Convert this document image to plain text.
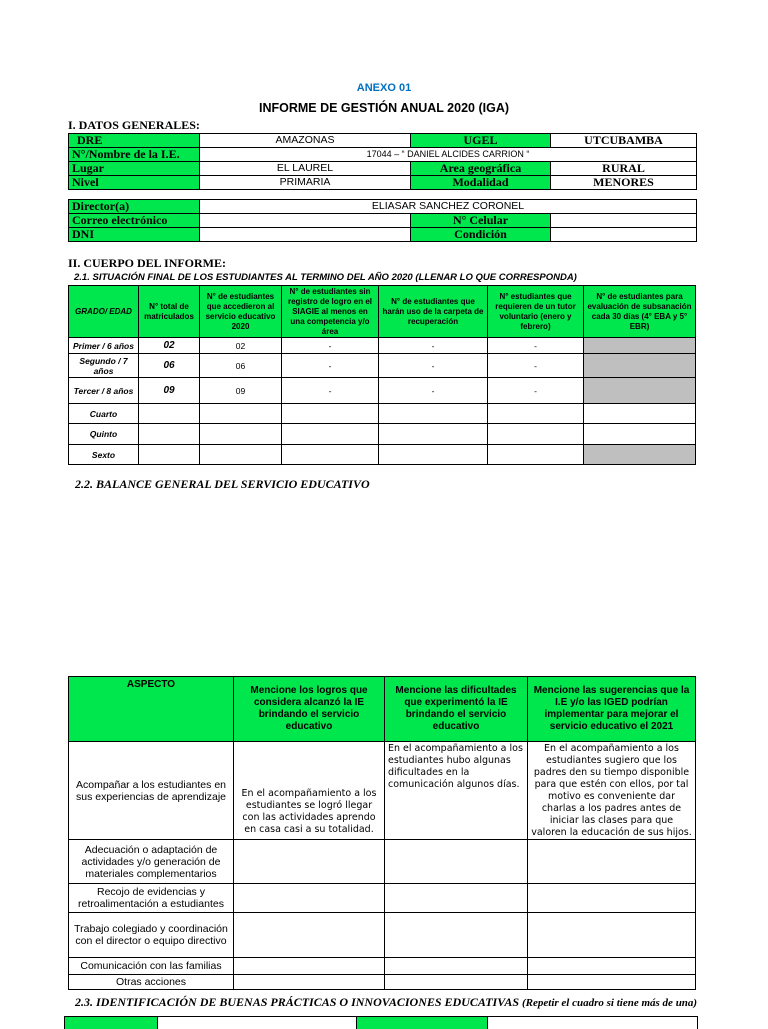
ANEXO 01
INFORME DE GESTIÓN ANUAL 2020 (IGA)
I. DATOS GENERALES:
DRE	AMAZONAS	UGEL	UTCUBAMBA
N°/Nombre de la I.E.	17044 – “ DANIEL ALCIDES CARRION “		
Lugar	EL LAUREL	Area geográfica	RURAL
Nivel	PRIMARIA	Modalidad	MENORES
Director(a)	ELIASAR SANCHEZ CORONEL		
Correo electrónico		N° Celular	
DNI		Condición	
II. CUERPO DEL INFORME:
2.1. SITUACIÓN FINAL DE LOS ESTUDIANTES AL TERMINO DEL AÑO 2020 (LLENAR LO QUE CORRESPONDA)
GRADO/ EDAD	N° total de matriculados	N° de estudiantes que accedieron al servicio educativo 2020	N° de estudiantes sin registro de logro en el SIAGIE al menos en una competencia y/o área	N° de estudiantes que harán uso de la carpeta de recuperación	N° estudiantes que requieren de un tutor voluntario (enero y febrero)	N° de estudiantes para evaluación de subsanación cada 30 días (4° EBA y 5° EBR)
Primer / 6 años	02	02	-	-	-	
Segundo / 7 años	06	06	-	-	-	
Tercer / 8 años	09	09	-	-	-	
Cuarto						
Quinto						
Sexto						
2.2. BALANCE GENERAL DEL SERVICIO EDUCATIVO
ASPECTO	Mencione los logros que considera alcanzó la IE brindando el servicio educativo	Mencione las dificultades que experimentó la IE brindando el servicio educativo	Mencione las sugerencias que la I.E y/o las IGED podrían implementar para mejorar el servicio educativo el 2021
Acompañar a los estudiantes en sus experiencias de aprendizaje	En el acompañamiento a los estudiantes se logró llegar con las actividades aprendo en casa casi a su totalidad.	En el acompañamiento a los estudiantes hubo algunas dificultades en la comunicación algunos días.	En el acompañamiento a los estudiantes sugiero que los padres den su tiempo disponible para que estén con ellos, por tal motivo es conveniente dar charlas a los padres antes de iniciar las clases para que valoren la educación de sus hijos.
Adecuación o adaptación de actividades y/o generación de materiales complementarios			
Recojo de evidencias y retroalimentación a estudiantes			
Trabajo colegiado y coordinación con el director o equipo directivo			
Comunicación con las familias			
Otras acciones			
2.3. IDENTIFICACIÓN DE BUENAS PRÁCTICAS O INNOVACIONES EDUCATIVAS (Repetir el cuadro si tiene más de una)
